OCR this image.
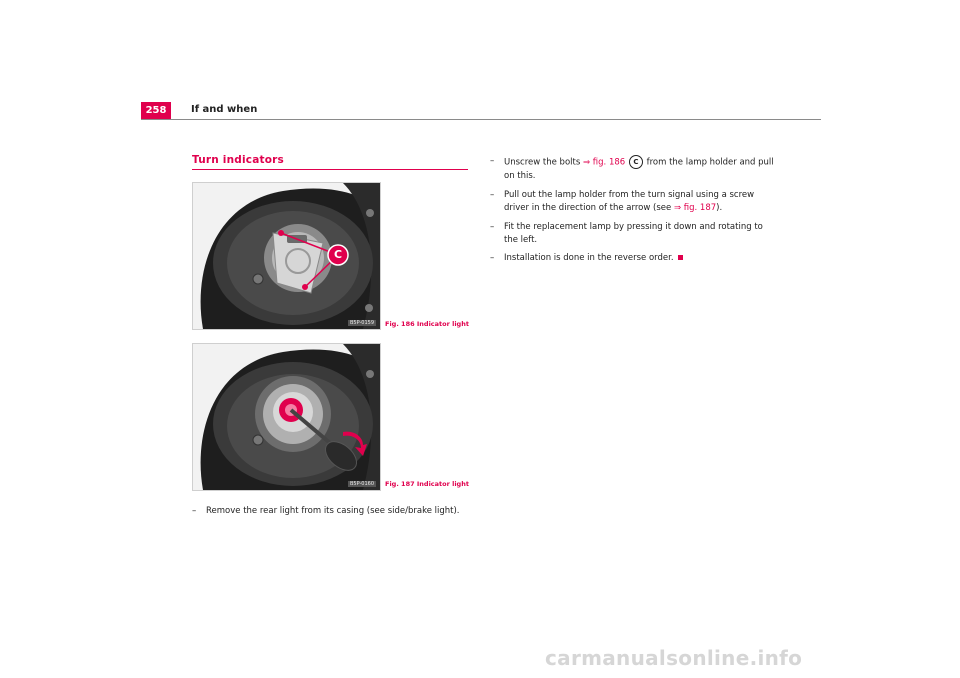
258	If and when
Turn indicators
C
B5P-0159	Fig. 186 Indicator light
B5P-0160	Fig. 187 Indicator light
–	Remove the rear light from its casing (see side/brake light).
–	Unscrew the bolts ⇒ fig. 186 C from the lamp holder and pull on this.
–	Pull out the lamp holder from the turn signal using a screw driver in the direction of the arrow (see ⇒ fig. 187).
–	Fit the replacement lamp by pressing it down and rotating to the left.
–	Installation is done in the reverse order.
carmanualsonline.info
